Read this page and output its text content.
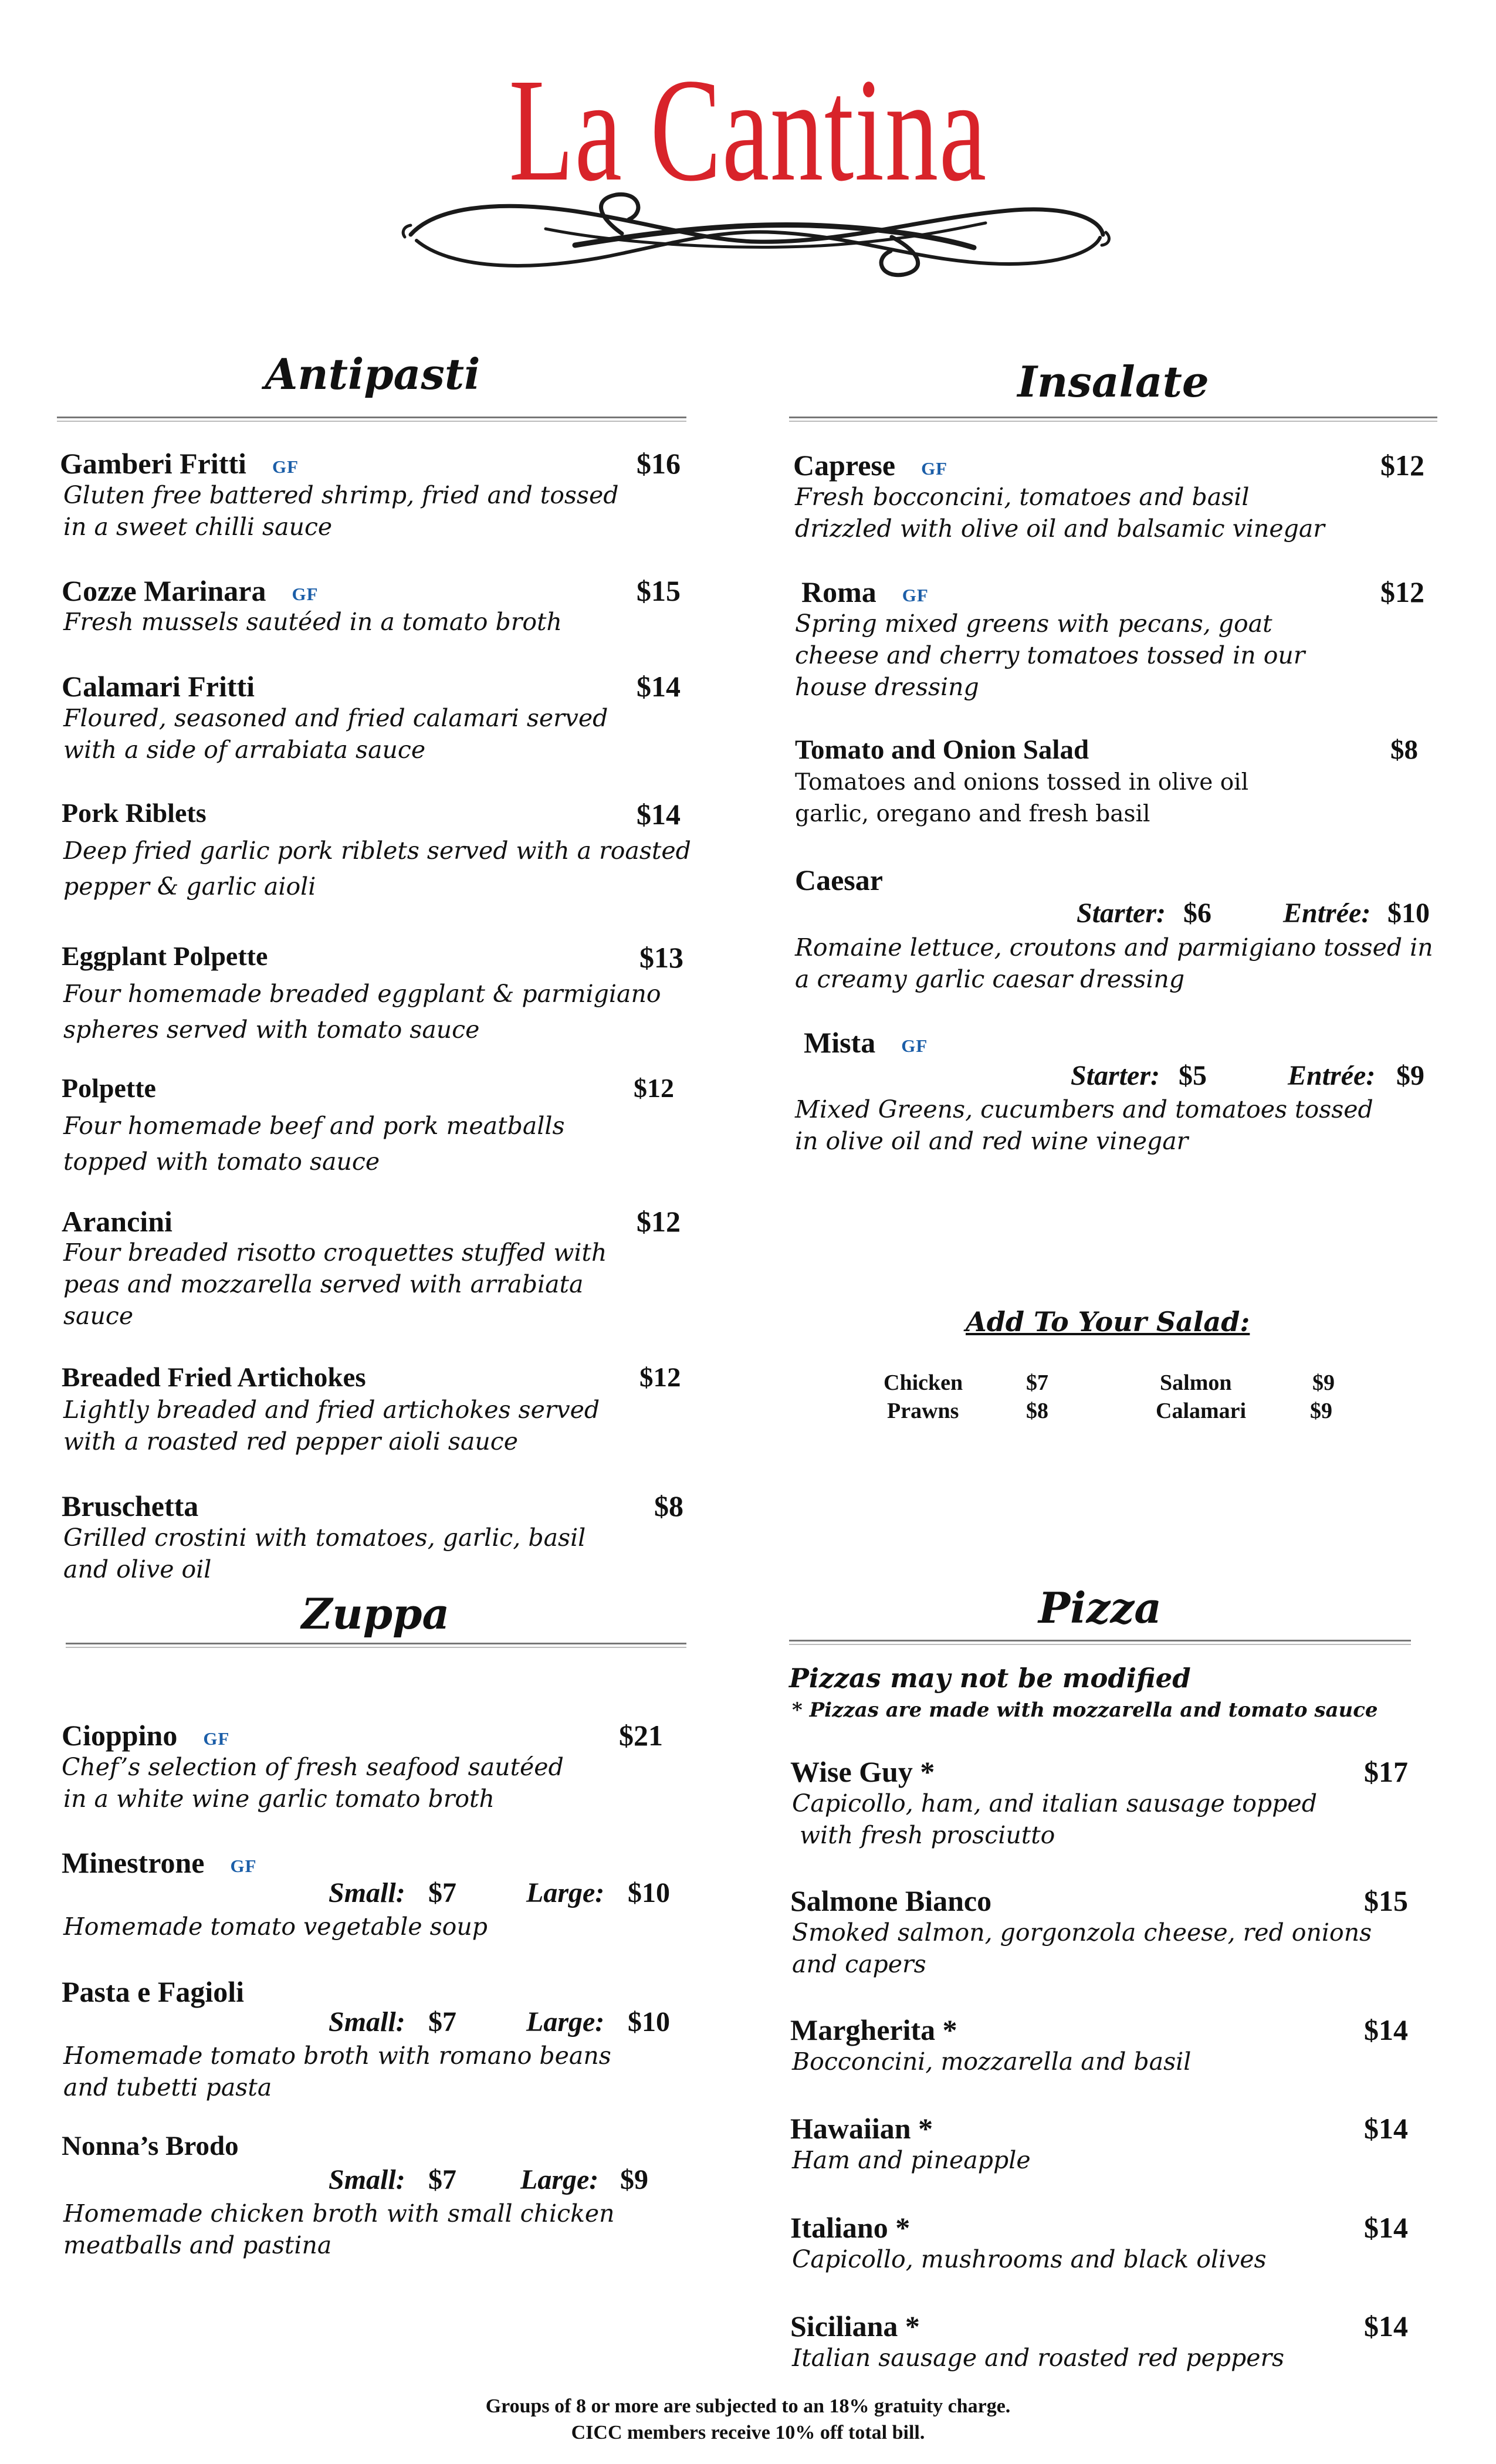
La Cantina
Antipasti	Insalate
Zuppa	Pizza
Gamberi Fritti GF	$16
Gluten free battered shrimp, fried and tossed
in a sweet chilli sauce
Cozze Marinara GF	$15
Fresh mussels sautéed in a tomato broth
Calamari Fritti	$14
Floured, seasoned and fried calamari served
with a side of arrabiata sauce
Pork Riblets	$14
Deep fried garlic pork riblets served with a roasted
pepper & garlic aioli
Eggplant Polpette	$13
Four homemade breaded eggplant & parmigiano
spheres served with tomato sauce
Polpette	$12
Four homemade beef and pork meatballs
topped with tomato sauce
Arancini	$12
Four breaded risotto croquettes stuffed with
peas and mozzarella served with arrabiata
sauce
Breaded Fried Artichokes	$12
Lightly breaded and fried artichokes served
with a roasted red pepper aioli sauce
Bruschetta	$8
Grilled crostini with tomatoes, garlic, basil
and olive oil
Caprese GF	$12
Fresh bocconcini, tomatoes and basil
drizzled with olive oil and balsamic vinegar
Roma GF	$12
Spring mixed greens with pecans, goat
cheese and cherry tomatoes tossed in our
house dressing
Tomato and Onion Salad	$8
Tomatoes and onions tossed in olive oil
garlic, oregano and fresh basil
Caesar
Starter: $6	Entrée: $10
Romaine lettuce, croutons and parmigiano tossed in
a creamy garlic caesar dressing
Mista GF
Starter: $5	Entrée: $9
Mixed Greens, cucumbers and tomatoes tossed
in olive oil and red wine vinegar
Add To Your Salad:
Chicken	$7
Prawns	$8
Salmon	$9
Calamari	$9
Cioppino GF	$21
Chef’s selection of fresh seafood sautéed
in a white wine garlic tomato broth
Minestrone GF
Small: $7 Large: $10
Homemade tomato vegetable soup
Pasta e Fagioli
Small: $7 Large: $10
Homemade tomato broth with romano beans
and tubetti pasta
Nonna’s Brodo
Small: $7 Large: $9
Homemade chicken broth with small chicken
meatballs and pastina
Pizzas may not be modified
* Pizzas are made with mozzarella and tomato sauce
Wise Guy *	$17
Capicollo, ham, and italian sausage topped
with fresh prosciutto
Salmone Bianco	$15
Smoked salmon, gorgonzola cheese, red onions
and capers
Margherita *	$14
Bocconcini, mozzarella and basil
Hawaiian *	$14
Ham and pineapple
Italiano *	$14
Capicollo, mushrooms and black olives
Siciliana *	$14
Italian sausage and roasted red peppers
Groups of 8 or more are subjected to an 18% gratuity charge.
CICC members receive 10% off total bill.
